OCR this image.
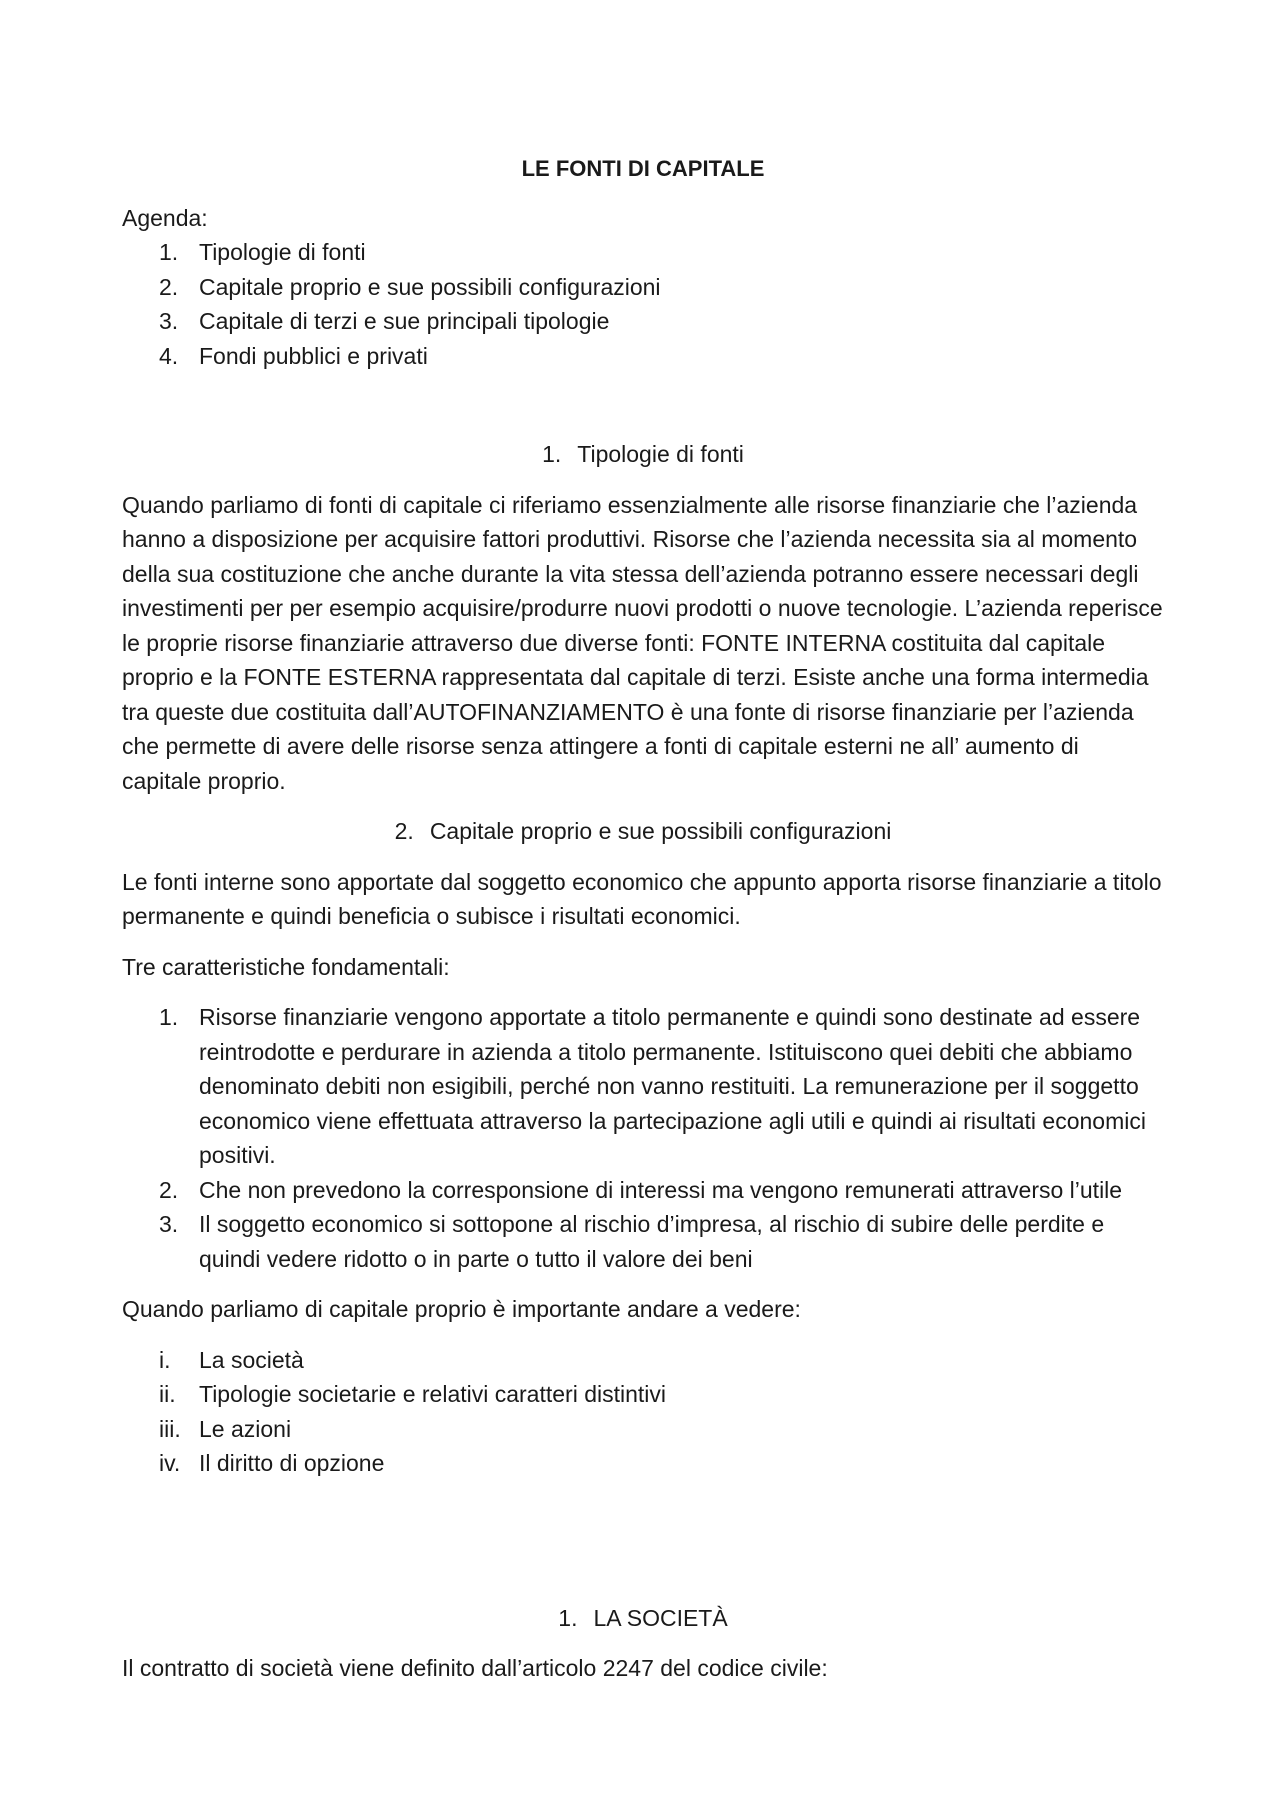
LE FONTI DI CAPITALE

Agenda:

1. Tipologie di fonti
2. Capitale proprio e sue possibili configurazioni
3. Capitale di terzi e sue principali tipologie
4. Fondi pubblici e privati
1. Tipologie di fonti

Quando parliamo di fonti di capitale ci riferiamo essenzialmente alle risorse finanziarie che l’azienda hanno a disposizione per acquisire fattori produttivi. Risorse che l’azienda necessita sia al momento della sua costituzione che anche durante la vita stessa dell’azienda potranno essere necessari degli investimenti per per esempio acquisire/produrre nuovi prodotti o nuove tecnologie. L’azienda reperisce le proprie risorse finanziarie attraverso due diverse fonti: FONTE INTERNA costituita dal capitale proprio e la FONTE ESTERNA rappresentata dal capitale di terzi. Esiste anche una forma intermedia tra queste due costituita dall’AUTOFINANZIAMENTO è una fonte di risorse finanziarie per l’azienda che permette di avere delle risorse senza attingere a fonti di capitale esterni ne all’ aumento di capitale proprio.

2. Capitale proprio e sue possibili configurazioni

Le fonti interne sono apportate dal soggetto economico che appunto apporta risorse finanziarie a titolo permanente e quindi beneficia o subisce i risultati economici.

Tre caratteristiche fondamentali:

1. Risorse finanziarie vengono apportate a titolo permanente e quindi sono destinate ad essere reintrodotte e perdurare in azienda a titolo permanente. Istituiscono quei debiti che abbiamo denominato debiti non esigibili, perché non vanno restituiti. La remunerazione per il soggetto economico viene effettuata attraverso la partecipazione agli utili e quindi ai risultati economici positivi.
2. Che non prevedono la corresponsione di interessi ma vengono remunerati attraverso l’utile
3. Il soggetto economico si sottopone al rischio d’impresa, al rischio di subire delle perdite e quindi vedere ridotto o in parte o tutto il valore dei beni

Quando parliamo di capitale proprio è importante andare a vedere:

i.	La società
ii.	Tipologie societarie e relativi caratteri distintivi
iii. Le azioni
iv. Il diritto di opzione
1. LA SOCIETÀ

Il contratto di società viene definito dall’articolo 2247 del codice civile:
